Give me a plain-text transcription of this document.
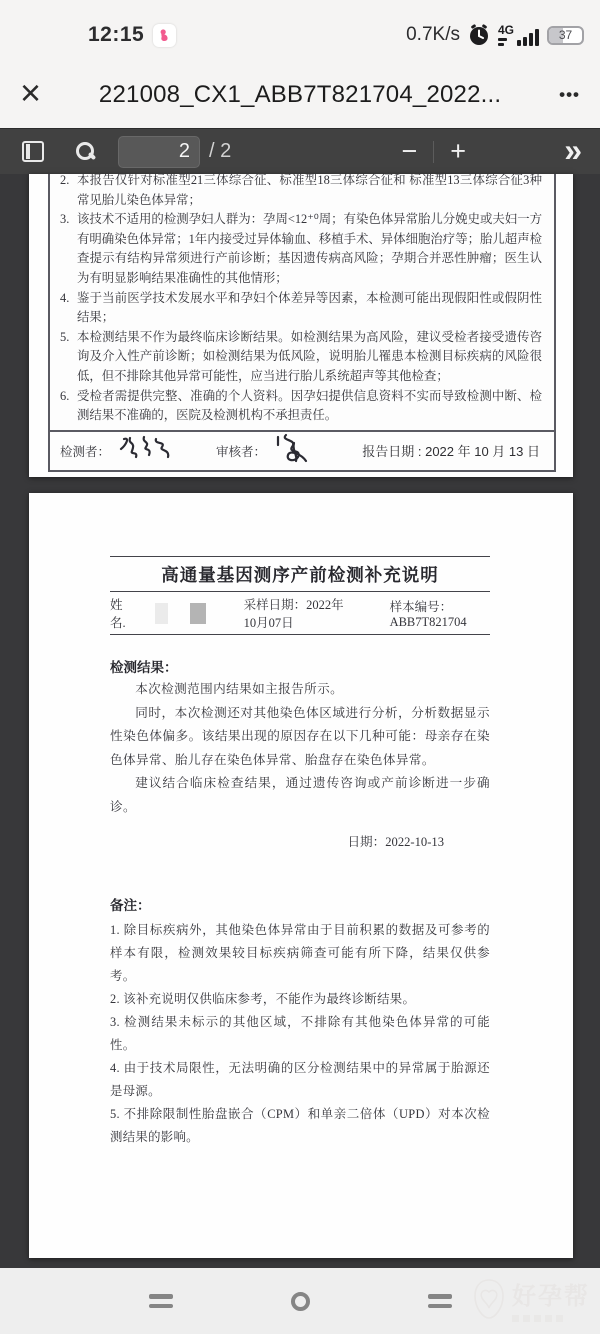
12:15	0.7K/s	4G	37
×	221008_CX1_ABB7T821704_2022...	•••
2 / 2	− +	»
2. 本报告仅针对标准型21三体综合征、标准型18三体综合征和 标准型13三体综合征3种常见胎儿染色体异常；
3. 该技术不适用的检测孕妇人群为：孕周<12⁺⁰周；有染色体异常胎儿分娩史或夫妇一方有明确染色体异常；1年内接受过异体输血、移植手术、异体细胞治疗等；胎儿超声检查提示有结构异常须进行产前诊断；基因遗传病高风险；孕期合并恶性肿瘤；医生认为有明显影响结果准确性的其他情形；
4. 鉴于当前医学技术发展水平和孕妇个体差异等因素，本检测可能出现假阳性或假阴性结果；
5. 本检测结果不作为最终临床诊断结果。如检测结果为高风险，建议受检者接受遗传咨询及介入性产前诊断；如检测结果为低风险，说明胎儿罹患本检测目标疾病的风险很低，但不排除其他异常可能性，应当进行胎儿系统超声等其他检查；
6. 受检者需提供完整、准确的个人资料。因孕妇提供信息资料不实而导致检测中断、检测结果不准确的，医院及检测机构不承担责任。
检测者：	审核者：	报告日期 : 2022 年 10 月 13 日
高通量基因测序产前检测补充说明
姓名.
采样日期：2022年10月07日
样本编号：ABB7T821704
检测结果：

本次检测范围内结果如主报告所示。

同时，本次检测还对其他染色体区域进行分析，分析数据显示性染色体偏多。该结果出现的原因存在以下几种可能：母亲存在染色体异常、胎儿存在染色体异常、胎盘存在染色体异常。

建议结合临床检查结果，通过遗传咨询或产前诊断进一步确诊。

日期：2022-10-13
备注：

1. 除目标疾病外，其他染色体异常由于目前积累的数据及可参考的样本有限，检测效果较目标疾病筛查可能有所下降，结果仅供参考。

2. 该补充说明仅供临床参考，不能作为最终诊断结果。

3. 检测结果未标示的其他区域，不排除有其他染色体异常的可能性。

4. 由于技术局限性，无法明确的区分检测结果中的异常属于胎源还是母源。

5. 不排除限制性胎盘嵌合（CPM）和单亲二倍体（UPD）对本次检测结果的影响。

好孕帮
